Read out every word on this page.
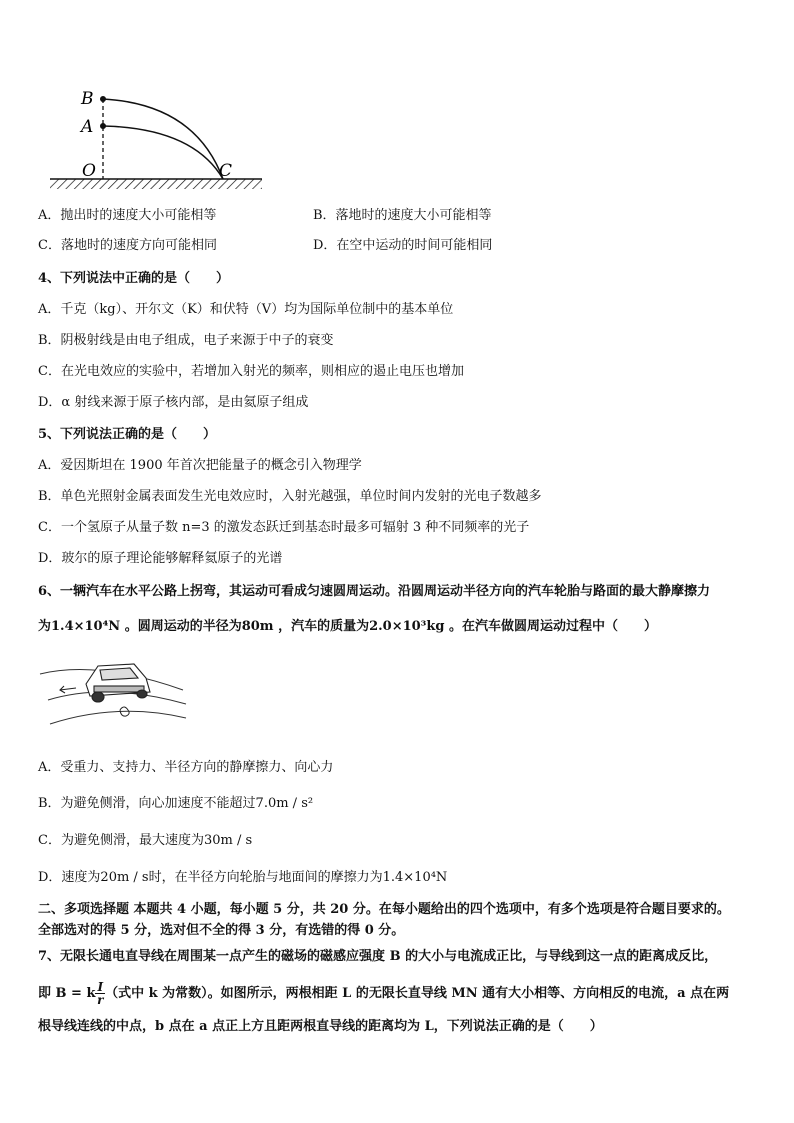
B
A
O	C
A．抛出时的速度大小可能相等	B．落地时的速度大小可能相等
C．落地时的速度方向可能相同	D．在空中运动的时间可能相同
4、下列说法中正确的是（　　）
A．千克（kg）、开尔文（K）和伏特（V）均为国际单位制中的基本单位
B．阴极射线是由电子组成，电子来源于中子的衰变
C．在光电效应的实验中，若增加入射光的频率，则相应的遏止电压也增加
D．α 射线来源于原子核内部，是由氦原子组成
5、下列说法正确的是（　　）
A．爱因斯坦在 1900 年首次把能量子的概念引入物理学
B．单色光照射金属表面发生光电效应时，入射光越强，单位时间内发射的光电子数越多
C．一个氢原子从量子数 n=3 的激发态跃迁到基态时最多可辐射 3 种不同频率的光子
D．玻尔的原子理论能够解释氦原子的光谱
6、一辆汽车在水平公路上拐弯，其运动可看成匀速圆周运动。沿圆周运动半径方向的汽车轮胎与路面的最大静摩擦力
为1.4×10⁴N 。圆周运动的半径为80m ，汽车的质量为2.0×10³kg 。在汽车做圆周运动过程中（　　）
A．受重力、支持力、半径方向的静摩擦力、向心力
B．为避免侧滑，向心加速度不能超过7.0m / s²
C．为避免侧滑，最大速度为30m / s
D．速度为20m / s时，在半径方向轮胎与地面间的摩擦力为1.4×10⁴N
二、多项选择题 本题共 4 小题，每小题 5 分，共 20 分。在每小题给出的四个选项中，有多个选项是符合题目要求的。
全部选对的得 5 分，选对但不全的得 3 分，有选错的得 0 分。
7、无限长通电直导线在周围某一点产生的磁场的磁感应强度 B 的大小与电流成正比，与导线到这一点的距离成反比，
即 B = k $\frac{I}{r}$ （式中 k 为常数）。如图所示，两根相距 L 的无限长直导线 MN 通有大小相等、方向相反的电流，a 点在两
根导线连线的中点，b 点在 a 点正上方且距两根直导线的距离均为 L，下列说法正确的是（　　）
